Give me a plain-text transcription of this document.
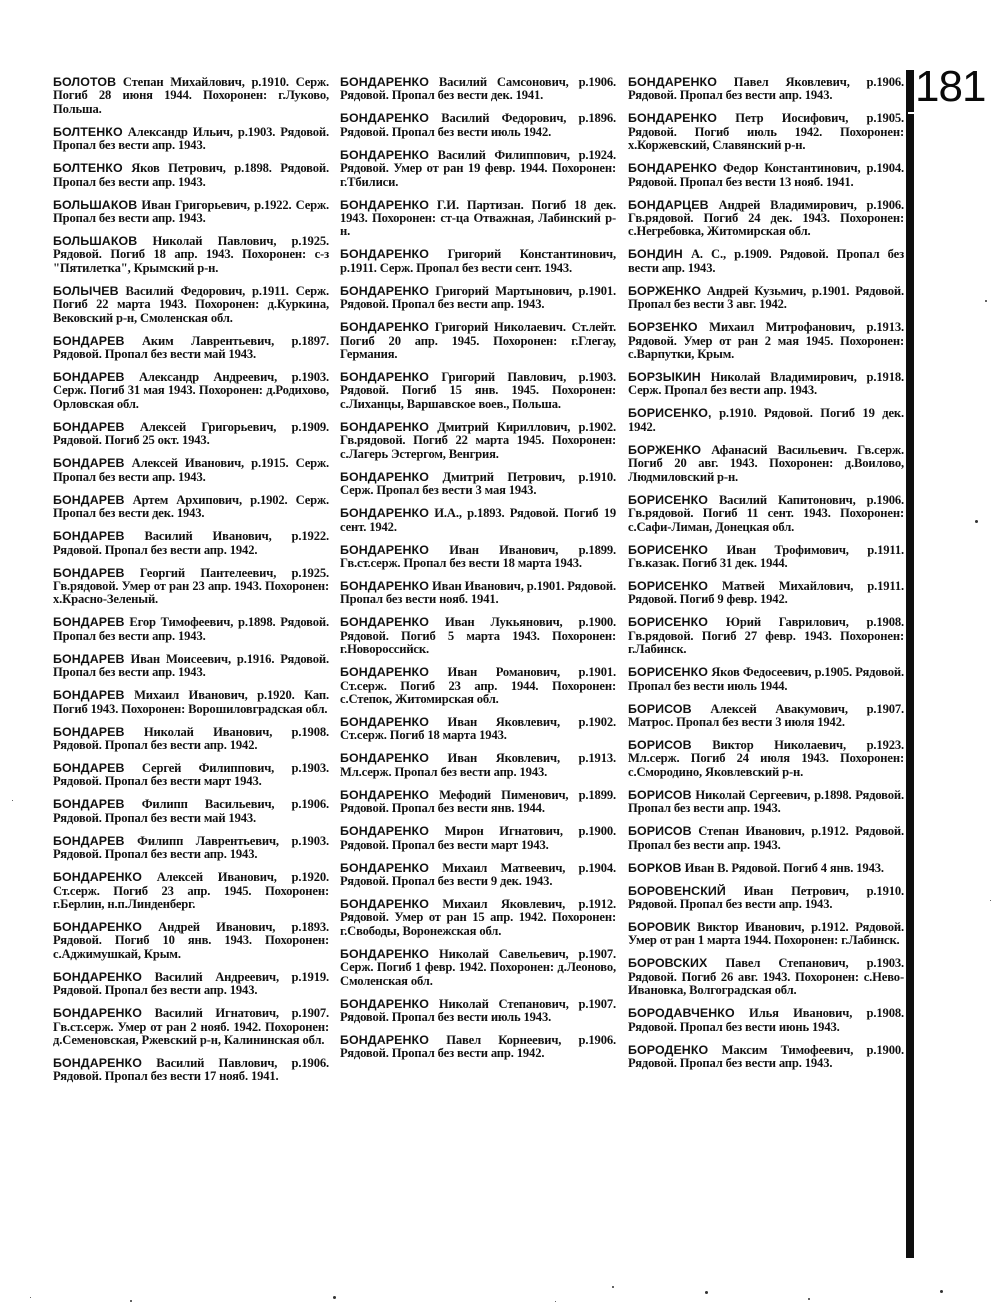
181

БОЛОТОВ Степан Михайлович, р.1910. Серж. Погиб 28 июня 1944. Похоронен: г.Луково, Польша.

БОЛТЕНКО Александр Ильич, р.1903. Рядовой. Пропал без вести апр. 1943.

БОЛТЕНКО Яков Петрович, р.1898. Рядовой. Пропал без вести апр. 1943.

БОЛЬШАКОВ Иван Григорьевич, р.1922. Серж. Пропал без вести апр. 1943.

БОЛЬШАКОВ Николай Павлович, р.1925. Рядовой. Погиб 18 апр. 1943. Похоронен: с-з "Пятилетка", Крымский р-н.

БОЛЫЧЕВ Василий Федорович, р.1911. Серж. Погиб 22 марта 1943. Похоронен: д.Куркина, Вековский р-н, Смоленская обл.

БОНДАРЕВ Аким Лаврентьевич, р.1897. Рядовой. Пропал без вести май 1943.

БОНДАРЕВ Александр Андреевич, р.1903. Серж. Погиб 31 мая 1943. Похоронен: д.Родихово, Орловская обл.

БОНДАРЕВ Алексей Григорьевич, р.1909. Рядовой. Погиб 25 окт. 1943.

БОНДАРЕВ Алексей Иванович, р.1915. Серж. Пропал без вести апр. 1943.

БОНДАРЕВ Артем Архипович, р.1902. Серж. Пропал без вести дек. 1943.

БОНДАРЕВ Василий Иванович, р.1922. Рядовой. Пропал без вести апр. 1942.

БОНДАРЕВ Георгий Пантелеевич, р.1925. Гв.рядовой. Умер от ран 23 апр. 1943. Похоронен: х.Красно-Зеленый.

БОНДАРЕВ Егор Тимофеевич, р.1898. Рядовой. Пропал без вести апр. 1943.

БОНДАРЕВ Иван Моисеевич, р.1916. Рядовой. Пропал без вести апр. 1943.

БОНДАРЕВ Михаил Иванович, р.1920. Кап. Погиб 1943. Похоронен: Ворошиловградская обл.

БОНДАРЕВ Николай Иванович, р.1908. Рядовой. Пропал без вести апр. 1942.

БОНДАРЕВ Сергей Филиппович, р.1903. Рядовой. Пропал без вести март 1943.

БОНДАРЕВ Филипп Васильевич, р.1906. Рядовой. Пропал без вести май 1943.

БОНДАРЕВ Филипп Лаврентьевич, р.1903. Рядовой. Пропал без вести апр. 1943.

БОНДАРЕНКО Алексей Иванович, р.1920. Ст.серж. Погиб 23 апр. 1945. Похоронен: г.Берлин, н.п.Линденберг.

БОНДАРЕНКО Андрей Иванович, р.1893. Рядовой. Погиб 10 янв. 1943. Похоронен: с.Аджимушкай, Крым.

БОНДАРЕНКО Василий Андреевич, р.1919. Рядовой. Пропал без вести апр. 1943.

БОНДАРЕНКО Василий Игнатович, р.1907. Гв.ст.серж. Умер от ран 2 нояб. 1942. Похоронен: д.Семеновская, Ржевский р-н, Калининская обл.

БОНДАРЕНКО Василий Павлович, р.1906. Рядовой. Пропал без вести 17 нояб. 1941.

БОНДАРЕНКО Василий Самсонович, р.1906. Рядовой. Пропал без вести дек. 1941.

БОНДАРЕНКО Василий Федорович, р.1896. Рядовой. Пропал без вести июль 1942.

БОНДАРЕНКО Василий Филиппович, р.1924. Рядовой. Умер от ран 19 февр. 1944. Похоронен: г.Тбилиси.

БОНДАРЕНКО Г.И. Партизан. Погиб 18 дек. 1943. Похоронен: ст-ца Отважная, Лабинский р-н.

БОНДАРЕНКО Григорий Константинович, р.1911. Серж. Пропал без вести сент. 1943.

БОНДАРЕНКО Григорий Мартынович, р.1901. Рядовой. Пропал без вести апр. 1943.

БОНДАРЕНКО Григорий Николаевич. Ст.лейт. Погиб 20 апр. 1945. Похоронен: г.Глегау, Германия.

БОНДАРЕНКО Григорий Павлович, р.1903. Рядовой. Погиб 15 янв. 1945. Похоронен: с.Лиханцы, Варшавское воев., Польша.

БОНДАРЕНКО Дмитрий Кириллович, р.1902. Гв.рядовой. Погиб 22 марта 1945. Похоронен: с.Лагерь Эстергом, Венгрия.

БОНДАРЕНКО Дмитрий Петрович, р.1910. Серж. Пропал без вести 3 мая 1943.

БОНДАРЕНКО И.А., р.1893. Рядовой. Погиб 19 сент. 1942.

БОНДАРЕНКО Иван Иванович, р.1899. Гв.ст.серж. Пропал без вести 18 марта 1943.

БОНДАРЕНКО Иван Иванович, р.1901. Рядовой. Пропал без вести нояб. 1941.

БОНДАРЕНКО Иван Лукьянович, р.1900. Рядовой. Погиб 5 марта 1943. Похоронен: г.Новороссийск.

БОНДАРЕНКО Иван Романович, р.1901. Ст.серж. Погиб 23 апр. 1944. Похоронен: с.Степок, Житомирская обл.

БОНДАРЕНКО Иван Яковлевич, р.1902. Ст.серж. Погиб 18 марта 1943.

БОНДАРЕНКО Иван Яковлевич, р.1913. Мл.серж. Пропал без вести апр. 1943.

БОНДАРЕНКО Мефодий Пименович, р.1899. Рядовой. Пропал без вести янв. 1944.

БОНДАРЕНКО Мирон Игнатович, р.1900. Рядовой. Пропал без вести март 1943.

БОНДАРЕНКО Михаил Матвеевич, р.1904. Рядовой. Пропал без вести 9 дек. 1943.

БОНДАРЕНКО Михаил Яковлевич, р.1912. Рядовой. Умер от ран 15 апр. 1942. Похоронен: г.Свободы, Воронежская обл.

БОНДАРЕНКО Николай Савельевич, р.1907. Серж. Погиб 1 февр. 1942. Похоронен: д.Леоново, Смоленская обл.

БОНДАРЕНКО Николай Степанович, р.1907. Рядовой. Пропал без вести июль 1943.

БОНДАРЕНКО Павел Корнеевич, р.1906. Рядовой. Пропал без вести апр. 1942.

БОНДАРЕНКО Павел Яковлевич, р.1906. Рядовой. Пропал без вести апр. 1943.

БОНДАРЕНКО Петр Иосифович, р.1905. Рядовой. Погиб июль 1942. Похоронен: х.Коржевский, Славянский р-н.

БОНДАРЕНКО Федор Константинович, р.1904. Рядовой. Пропал без вести 13 нояб. 1941.

БОНДАРЦЕВ Андрей Владимирович, р.1906. Гв.рядовой. Погиб 24 дек. 1943. Похоронен: с.Негребовка, Житомирская обл.

БОНДИН А. С., р.1909. Рядовой. Пропал без вести апр. 1943.

БОРЖЕНКО Андрей Кузьмич, р.1901. Рядовой. Пропал без вести 3 авг. 1942.

БОРЗЕНКО Михаил Митрофанович, р.1913. Рядовой. Умер от ран 2 мая 1945. Похоронен: с.Варпутки, Крым.

БОРЗЫКИН Николай Владимирович, р.1918. Серж. Пропал без вести апр. 1943.

БОРИСЕНКО, р.1910. Рядовой. Погиб 19 дек. 1942.

БОРЖЕНКО Афанасий Васильевич. Гв.серж. Погиб 20 авг. 1943. Похоронен: д.Воилово, Людмиловский р-н.

БОРИСЕНКО Василий Капитонович, р.1906. Гв.рядовой. Погиб 11 сент. 1943. Похоронен: с.Сафи-Лиман, Донецкая обл.

БОРИСЕНКО Иван Трофимович, р.1911. Гв.казак. Погиб 31 дек. 1944.

БОРИСЕНКО Матвей Михайлович, р.1911. Рядовой. Погиб 9 февр. 1942.

БОРИСЕНКО Юрий Гаврилович, р.1908. Гв.рядовой. Погиб 27 февр. 1943. Похоронен: г.Лабинск.

БОРИСЕНКО Яков Федосеевич, р.1905. Рядовой. Пропал без вести июль 1944.

БОРИСОВ Алексей Авакумович, р.1907. Матрос. Пропал без вести 3 июля 1942.

БОРИСОВ Виктор Николаевич, р.1923. Мл.серж. Погиб 24 июля 1943. Похоронен: с.Смородино, Яковлевский р-н.

БОРИСОВ Николай Сергеевич, р.1898. Рядовой. Пропал без вести апр. 1943.

БОРИСОВ Степан Иванович, р.1912. Рядовой. Пропал без вести апр. 1943.

БОРКОВ Иван В. Рядовой. Погиб 4 янв. 1943.

БОРОВЕНСКИЙ Иван Петрович, р.1910. Рядовой. Пропал без вести апр. 1943.

БОРОВИК Виктор Иванович, р.1912. Рядовой. Умер от ран 1 марта 1944. Похоронен: г.Лабинск.

БОРОВСКИХ Павел Степанович, р.1903. Рядовой. Погиб 26 авг. 1943. Похоронен: с.Нево-Ивановка, Волгоградская обл.

БОРОДАВЧЕНКО Илья Иванович, р.1908. Рядовой. Пропал без вести июнь 1943.

БОРОДЕНКО Максим Тимофеевич, р.1900. Рядовой. Пропал без вести апр. 1943.
